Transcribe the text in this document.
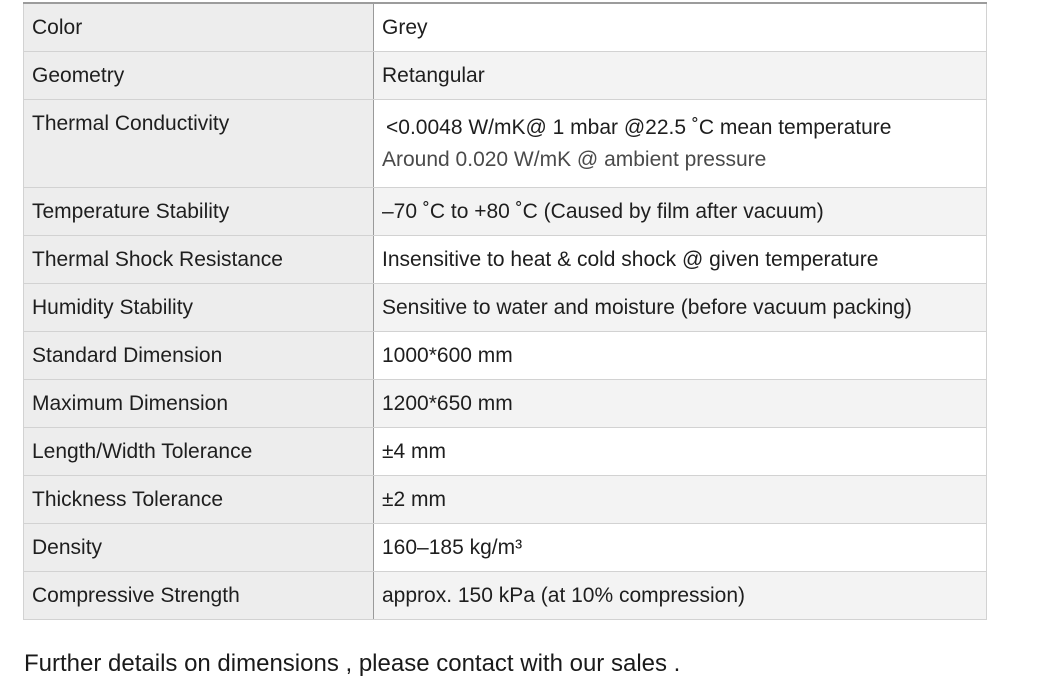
Color	Grey
Geometry	Retangular
Thermal Conductivity	<0.0048 W/mK@ 1 mbar @22.5 ˚C mean temperature
Around 0.020 W/mK @ ambient pressure

Temperature Stability	–70 ˚C to +80 ˚C (Caused by film after vacuum)
Thermal Shock Resistance	Insensitive to heat & cold shock @ given temperature
Humidity Stability	Sensitive to water and moisture (before vacuum packing)
Standard Dimension	1000*600 mm
Maximum Dimension	1200*650 mm
Length/Width Tolerance	±4 mm
Thickness Tolerance	±2 mm
Density	160–185 kg/m³
Compressive Strength	approx. 150 kPa (at 10% compression)
Further details on dimensions , please contact with our sales .
